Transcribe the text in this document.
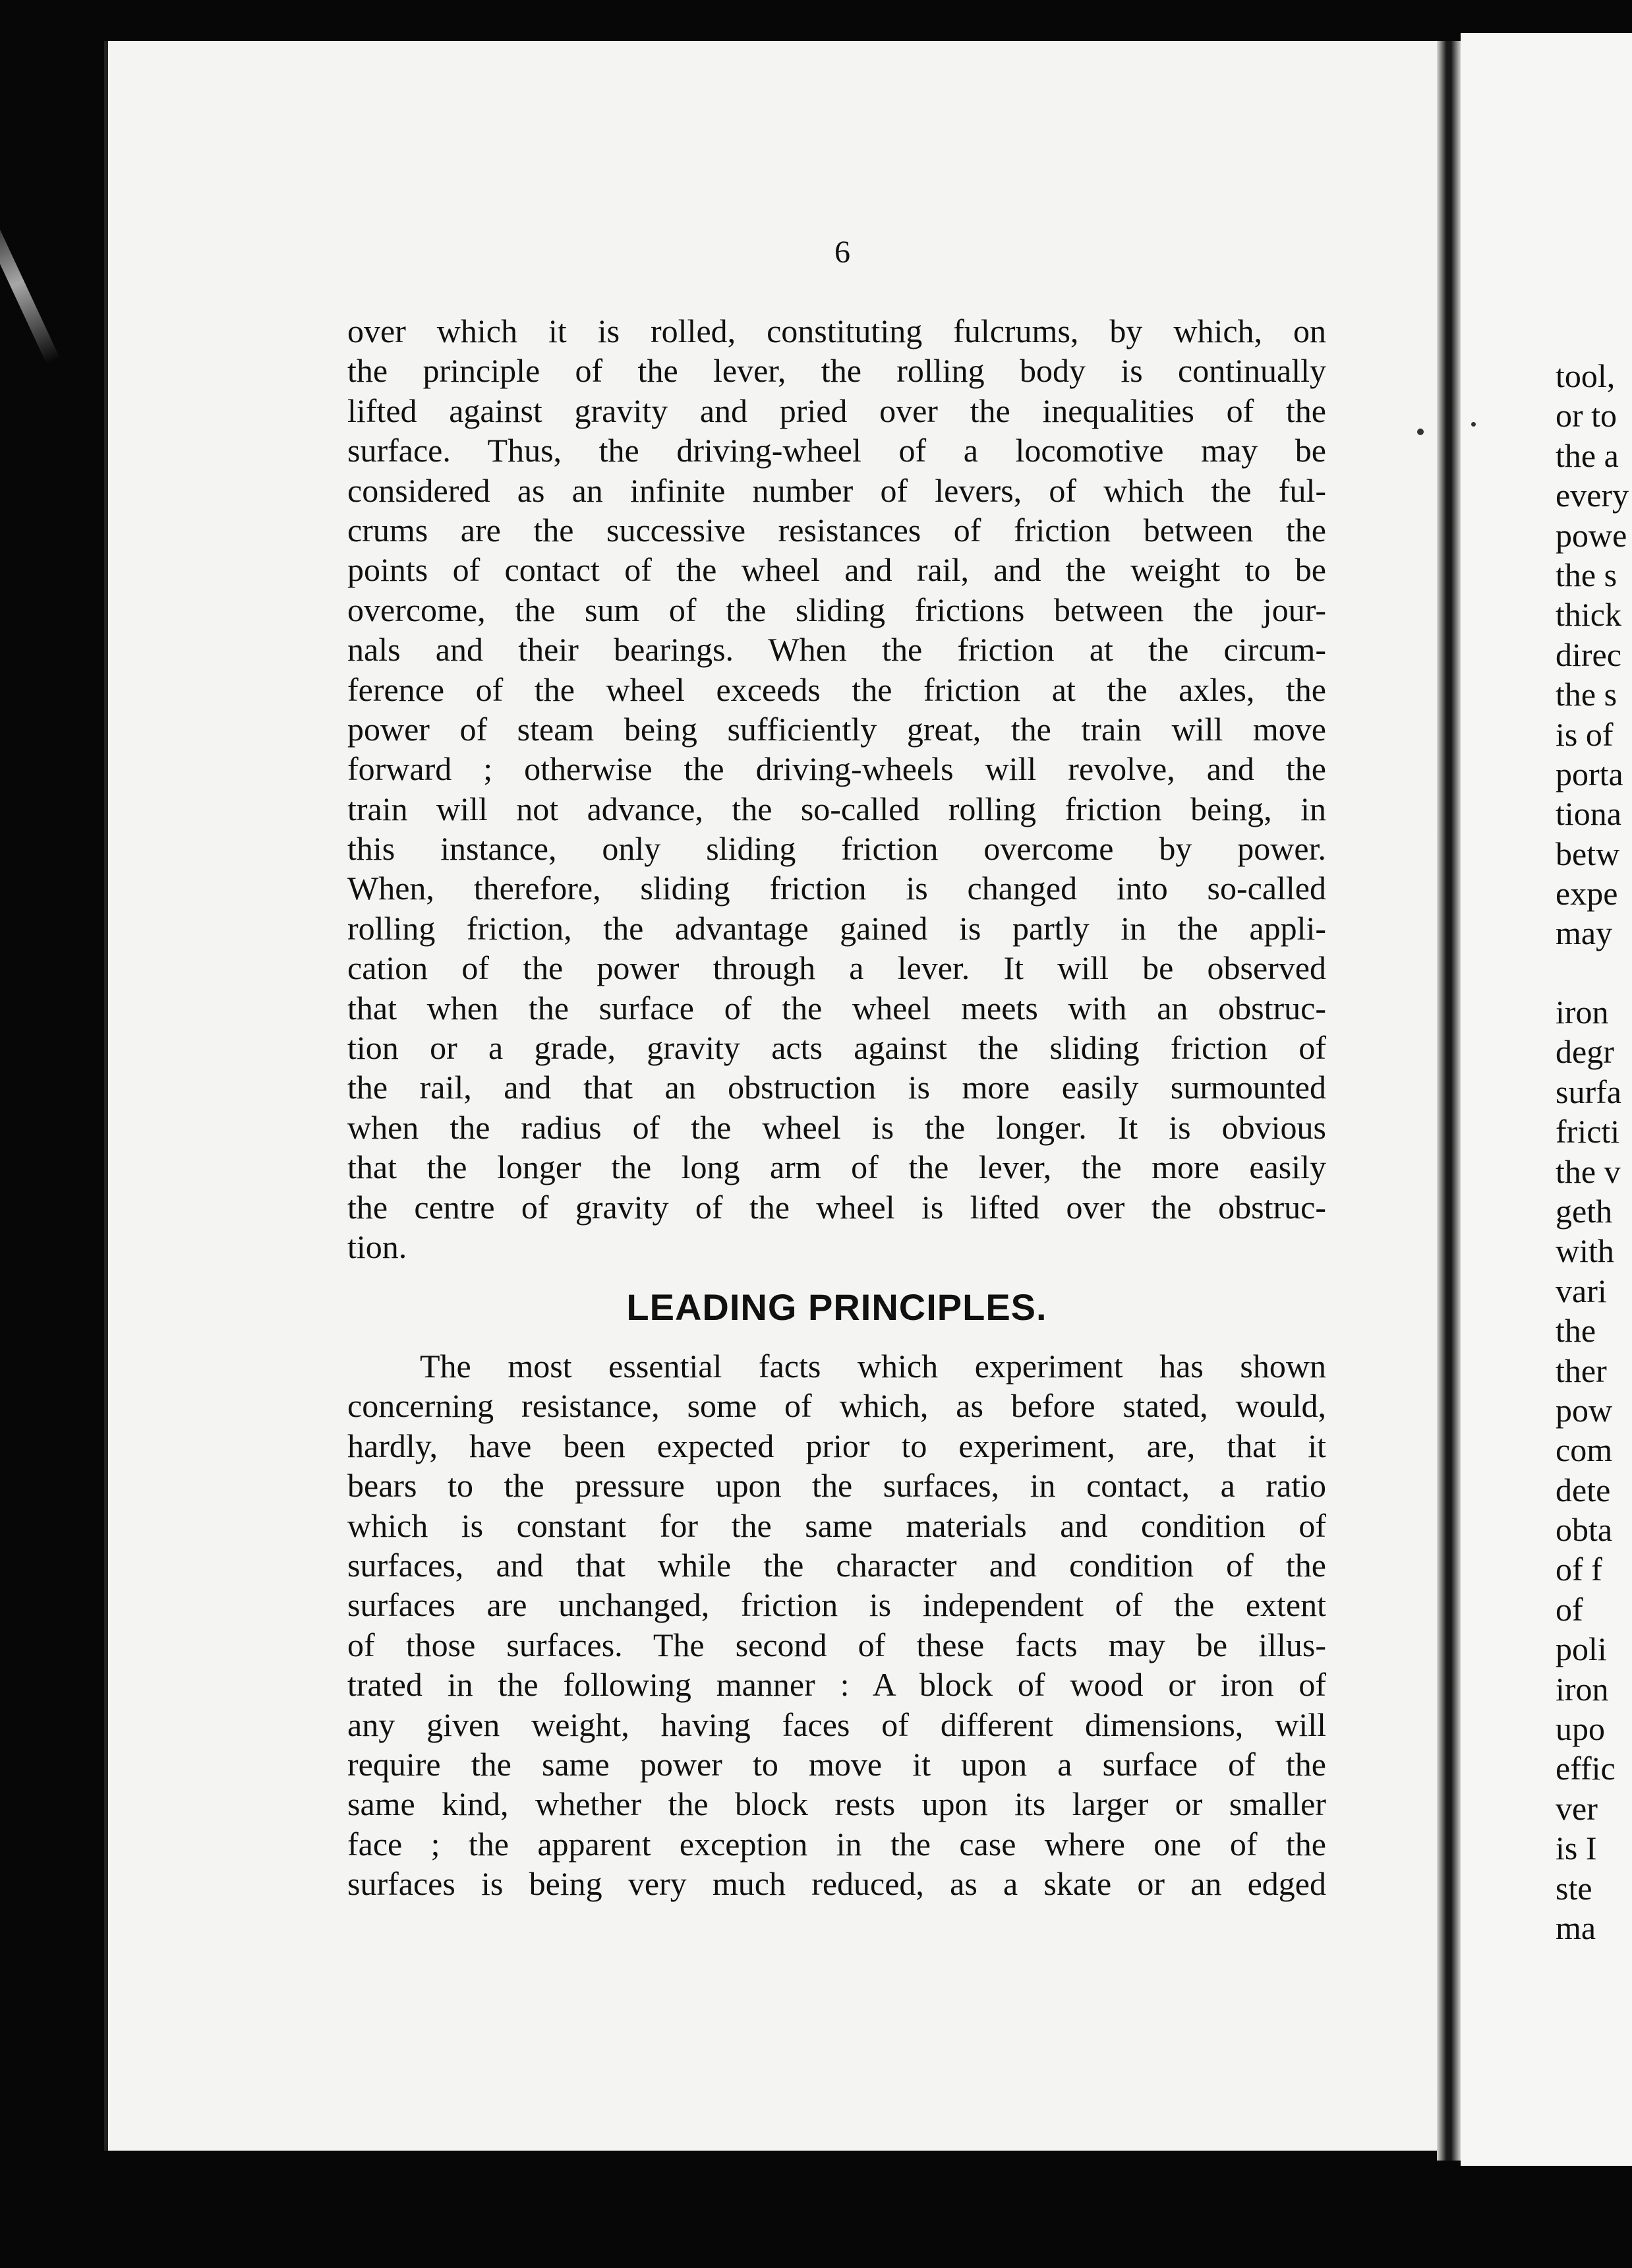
6
over which it is rolled, constituting fulcrums, by which, on
the principle of the lever, the rolling body is continually
lifted against gravity and pried over the inequalities of the
surface. Thus, the driving-wheel of a locomotive may be
considered as an infinite number of levers, of which the ful-
crums are the successive resistances of friction between the
points of contact of the wheel and rail, and the weight to be
overcome, the sum of the sliding frictions between the jour-
nals and their bearings. When the friction at the circum-
ference of the wheel exceeds the friction at the axles, the
power of steam being sufficiently great, the train will move
forward ; otherwise the driving-wheels will revolve, and the
train will not advance, the so-called rolling friction being, in
this instance, only sliding friction overcome by power.
When, therefore, sliding friction is changed into so-called
rolling friction, the advantage gained is partly in the appli-
cation of the power through a lever. It will be observed
that when the surface of the wheel meets with an obstruc-
tion or a grade, gravity acts against the sliding friction of
the rail, and that an obstruction is more easily surmounted
when the radius of the wheel is the longer. It is obvious
that the longer the long arm of the lever, the more easily
the centre of gravity of the wheel is lifted over the obstruc-
tion.
LEADING PRINCIPLES.
The most essential facts which experiment has shown
concerning resistance, some of which, as before stated, would,
hardly, have been expected prior to experiment, are, that it
bears to the pressure upon the surfaces, in contact, a ratio
which is constant for the same materials and condition of
surfaces, and that while the character and condition of the
surfaces are unchanged, friction is independent of the extent
of those surfaces. The second of these facts may be illus-
trated in the following manner : A block of wood or iron of
any given weight, having faces of different dimensions, will
require the same power to move it upon a surface of the
same kind, whether the block rests upon its larger or smaller
face ; the apparent exception in the case where one of the
surfaces is being very much reduced, as a skate or an edged
tool,
or to
the a
every
powe
the s
thick
direc
the s
is of
porta
tiona
betw
expe
may
iron
degr
surfa
fricti
the v
geth
with
vari
the
ther
pow
com
dete
obta
of f
of
poli
iron
upo
effic
ver
is I
ste
ma
